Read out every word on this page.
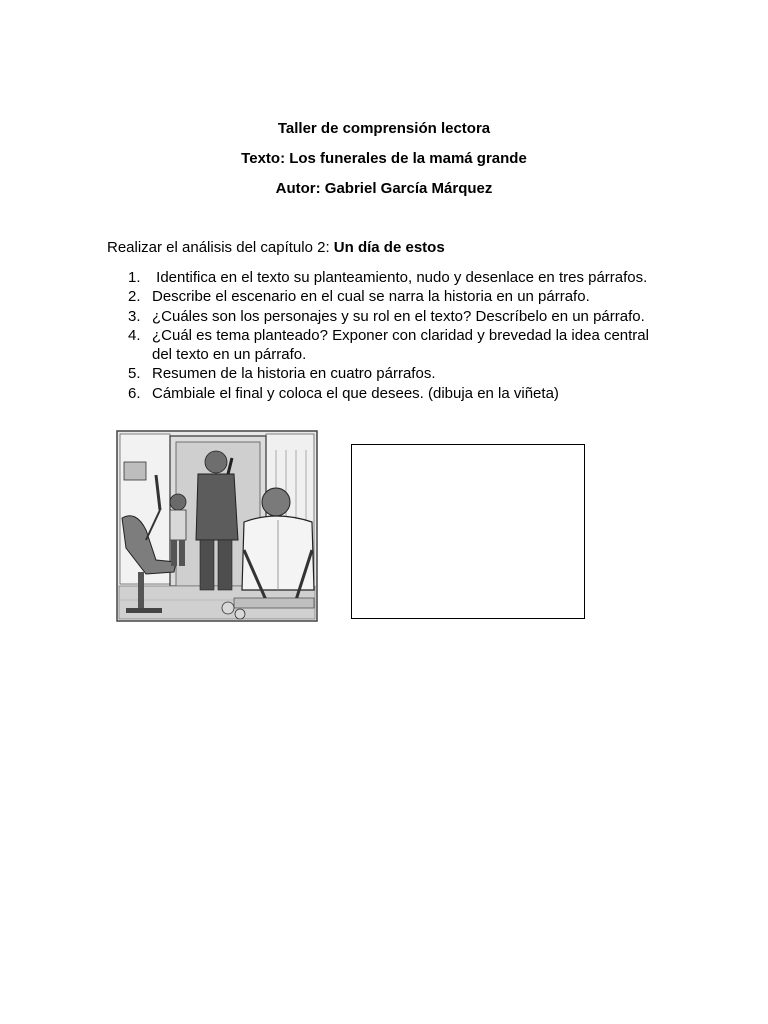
Taller de comprensión lectora
Texto: Los funerales de la mamá grande
Autor: Gabriel García Márquez
Realizar el análisis del capítulo 2: Un día de estos
1. Identifica en el texto su planteamiento, nudo y desenlace en tres párrafos.
2. Describe el escenario en el cual se narra la historia en un párrafo.
3. ¿Cuáles son los personajes y su rol en el texto? Descríbelo en un párrafo.
4. ¿Cuál es tema planteado? Exponer con claridad y brevedad la idea central del texto en un párrafo.
5. Resumen de la historia en cuatro párrafos.
6. Cámbiale el final y coloca el que desees. (dibuja en la viñeta)
